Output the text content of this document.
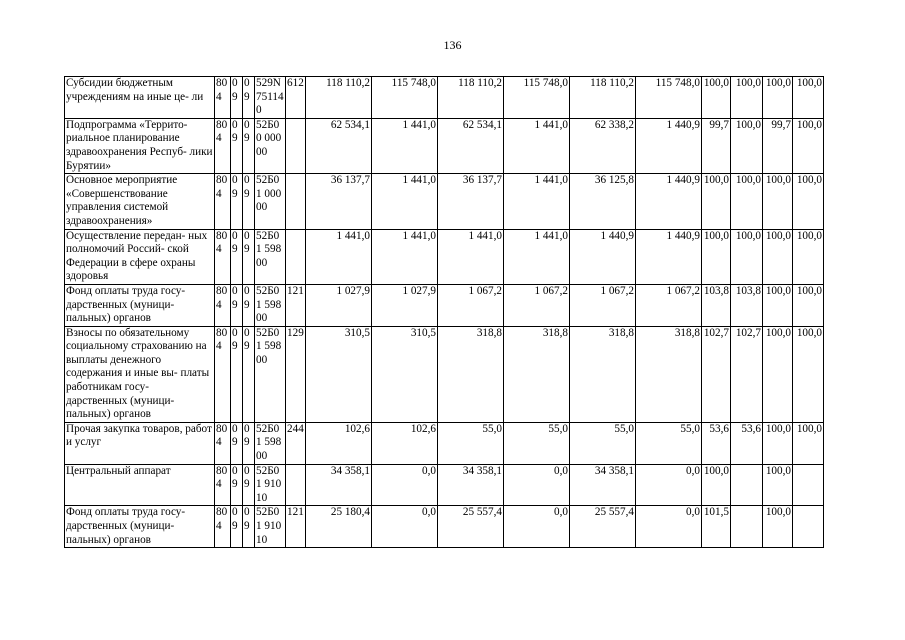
136
Субсидии бюджетным учреждениям на иные це- ли	804	09	09	529N 75114 0	612	118 110,2	115 748,0	118 110,2	115 748,0	118 110,2	115 748,0	100,0	100,0	100,0	100,0
Подпрограмма «Террито- риальное планирование здравоохранения Респуб- лики Бурятии»	804	09	09	52Б00 00000		62 534,1	1 441,0	62 534,1	1 441,0	62 338,2	1 440,9	99,7	100,0	99,7	100,0
Основное мероприятие «Совершенствование управления системой здравоохранения»	804	09	09	52Б01 00000		36 137,7	1 441,0	36 137,7	1 441,0	36 125,8	1 440,9	100,0	100,0	100,0	100,0
Осуществление передан- ных полномочий Россий- ской Федерации в сфере охраны здоровья	804	09	09	52Б01 59800		1 441,0	1 441,0	1 441,0	1 441,0	1 440,9	1 440,9	100,0	100,0	100,0	100,0
Фонд оплаты труда госу- дарственных (муници- пальных) органов	804	09	09	52Б01 59800	121	1 027,9	1 027,9	1 067,2	1 067,2	1 067,2	1 067,2	103,8	103,8	100,0	100,0
Взносы по обязательному социальному страхованию на выплаты денежного содержания и иные вы- платы работникам госу- дарственных (муници- пальных) органов	804	09	09	52Б01 59800	129	310,5	310,5	318,8	318,8	318,8	318,8	102,7	102,7	100,0	100,0
Прочая закупка товаров, работ и услуг	804	09	09	52Б01 59800	244	102,6	102,6	55,0	55,0	55,0	55,0	53,6	53,6	100,0	100,0
Центральный аппарат	804	09	09	52Б01 91010		34 358,1	0,0	34 358,1	0,0	34 358,1	0,0	100,0		100,0	
Фонд оплаты труда госу- дарственных (муници- пальных) органов	804	09	09	52Б01 91010	121	25 180,4	0,0	25 557,4	0,0	25 557,4	0,0	101,5		100,0	
